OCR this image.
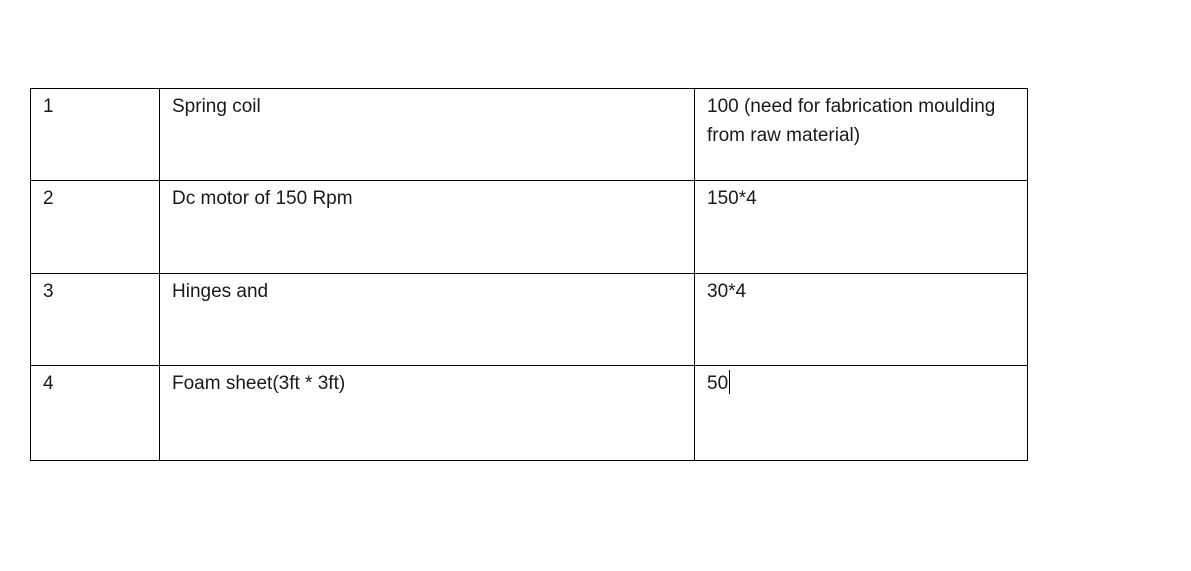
1	Spring coil	100 (need for fabrication moulding from raw material)
2	Dc motor of 150 Rpm	150*4
3	Hinges and	30*4
4	Foam sheet(3ft * 3ft)	50
